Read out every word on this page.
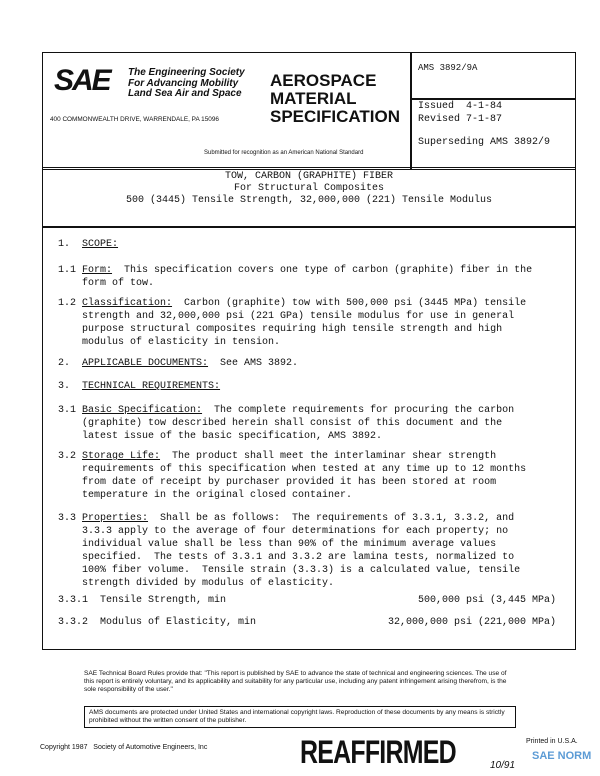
SAE The Engineering Society
For Advancing Mobility
Land Sea Air and Space
400 COMMONWEALTH DRIVE, WARRENDALE, PA 15096
AEROSPACE
MATERIAL
SPECIFICATION
Submitted for recognition as an American National Standard
AMS 3892/9A
Issued  4-1-84
Revised 7-1-87
Superseding AMS 3892/9
TOW, CARBON (GRAPHITE) FIBER
For Structural Composites
500 (3445) Tensile Strength, 32,000,000 (221) Tensile Modulus
1.  SCOPE:
1.1 Form:  This specification covers one type of carbon (graphite) fiber in the
form of tow.
1.2 Classification:  Carbon (graphite) tow with 500,000 psi (3445 MPa) tensile
strength and 32,000,000 psi (221 GPa) tensile modulus for use in general
purpose structural composites requiring high tensile strength and high
modulus of elasticity in tension.
2.  APPLICABLE DOCUMENTS:  See AMS 3892.
3.  TECHNICAL REQUIREMENTS:
3.1 Basic Specification:  The complete requirements for procuring the carbon
(graphite) tow described herein shall consist of this document and the
latest issue of the basic specification, AMS 3892.
3.2 Storage Life:  The product shall meet the interlaminar shear strength
requirements of this specification when tested at any time up to 12 months
from date of receipt by purchaser provided it has been stored at room
temperature in the original closed container.
3.3 Properties:  Shall be as follows:  The requirements of 3.3.1, 3.3.2, and
3.3.3 apply to the average of four determinations for each property; no
individual value shall be less than 90% of the minimum average values
specified.  The tests of 3.3.1 and 3.3.2 are lamina tests, normalized to
100% fiber volume.  Tensile strain (3.3.3) is a calculated value, tensile
strength divided by modulus of elasticity.
3.3.1  Tensile Strength, min	500,000 psi (3,445 MPa)
3.3.2  Modulus of Elasticity, min	32,000,000 psi (221,000 MPa)
SAE Technical Board Rules provide that: "This report is published by SAE to advance the state of technical and engineering sciences. The use of this report is entirely voluntary, and its applicability and suitability for any particular use, including any patent infringement arising therefrom, is the sole responsibility of the user."
AMS documents are protected under United States and international copyright laws. Reproduction of these documents by any means is strictly prohibited without the written consent of the publisher.
Copyright 1987   Society of Automotive Engineers, Inc	REAFFIRMED	10/91
Printed in U.S.A.
SAE NORM
